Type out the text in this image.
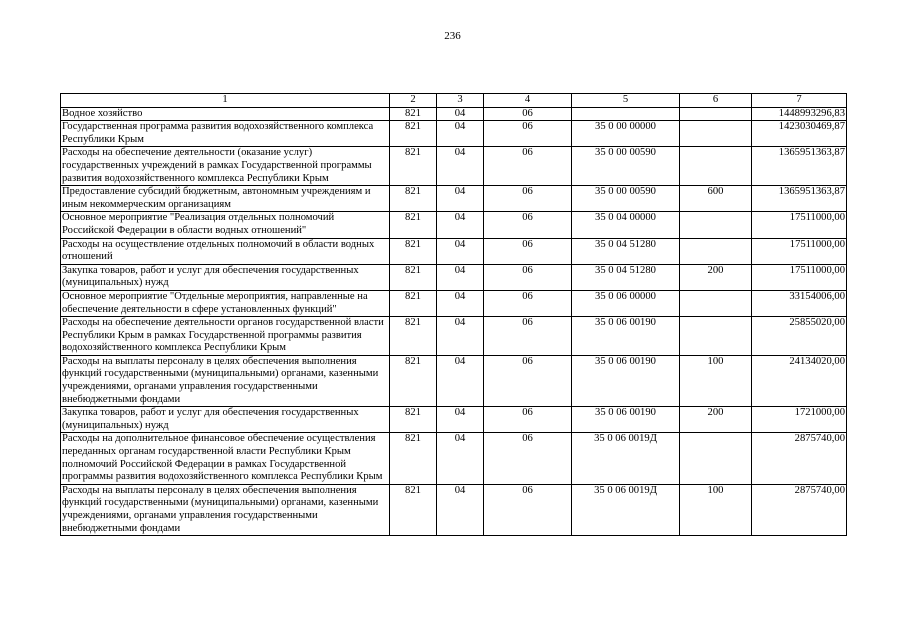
236
1	2	3	4	5	6	7
Водное хозяйство	821	04	06			1448993296,83
Государственная программа развития водохозяйственного комплекса Республики Крым	821	04	06	35 0 00 00000		1423030469,87
Расходы на обеспечение деятельности (оказание услуг) государственных учреждений в рамках Государственной программы развития водохозяйственного комплекса Республики Крым	821	04	06	35 0 00 00590		1365951363,87
Предоставление субсидий бюджетным, автономным учреждениям и иным некоммерческим организациям	821	04	06	35 0 00 00590	600	1365951363,87
Основное мероприятие "Реализация отдельных полномочий Российской Федерации в области водных отношений"	821	04	06	35 0 04 00000		17511000,00
Расходы на осуществление отдельных полномочий в области водных отношений	821	04	06	35 0 04 51280		17511000,00
Закупка товаров, работ и услуг для обеспечения государственных (муниципальных) нужд	821	04	06	35 0 04 51280	200	17511000,00
Основное мероприятие "Отдельные мероприятия, направленные на обеспечение деятельности в сфере установленных функций"	821	04	06	35 0 06 00000		33154006,00
Расходы на обеспечение деятельности органов государственной власти Республики Крым в рамках Государственной программы развития водохозяйственного комплекса Республики Крым	821	04	06	35 0 06 00190		25855020,00
Расходы на выплаты персоналу в целях обеспечения выполнения функций государственными (муниципальными) органами, казенными учреждениями, органами управления государственными внебюджетными фондами	821	04	06	35 0 06 00190	100	24134020,00
Закупка товаров, работ и услуг для обеспечения государственных (муниципальных) нужд	821	04	06	35 0 06 00190	200	1721000,00
Расходы на дополнительное финансовое обеспечение осуществления переданных органам государственной власти Республики Крым полномочий Российской Федерации в рамках Государственной программы развития водохозяйственного комплекса Республики Крым	821	04	06	35 0 06 0019Д		2875740,00
Расходы на выплаты персоналу в целях обеспечения выполнения функций государственными (муниципальными) органами, казенными учреждениями, органами управления государственными внебюджетными фондами	821	04	06	35 0 06 0019Д	100	2875740,00
